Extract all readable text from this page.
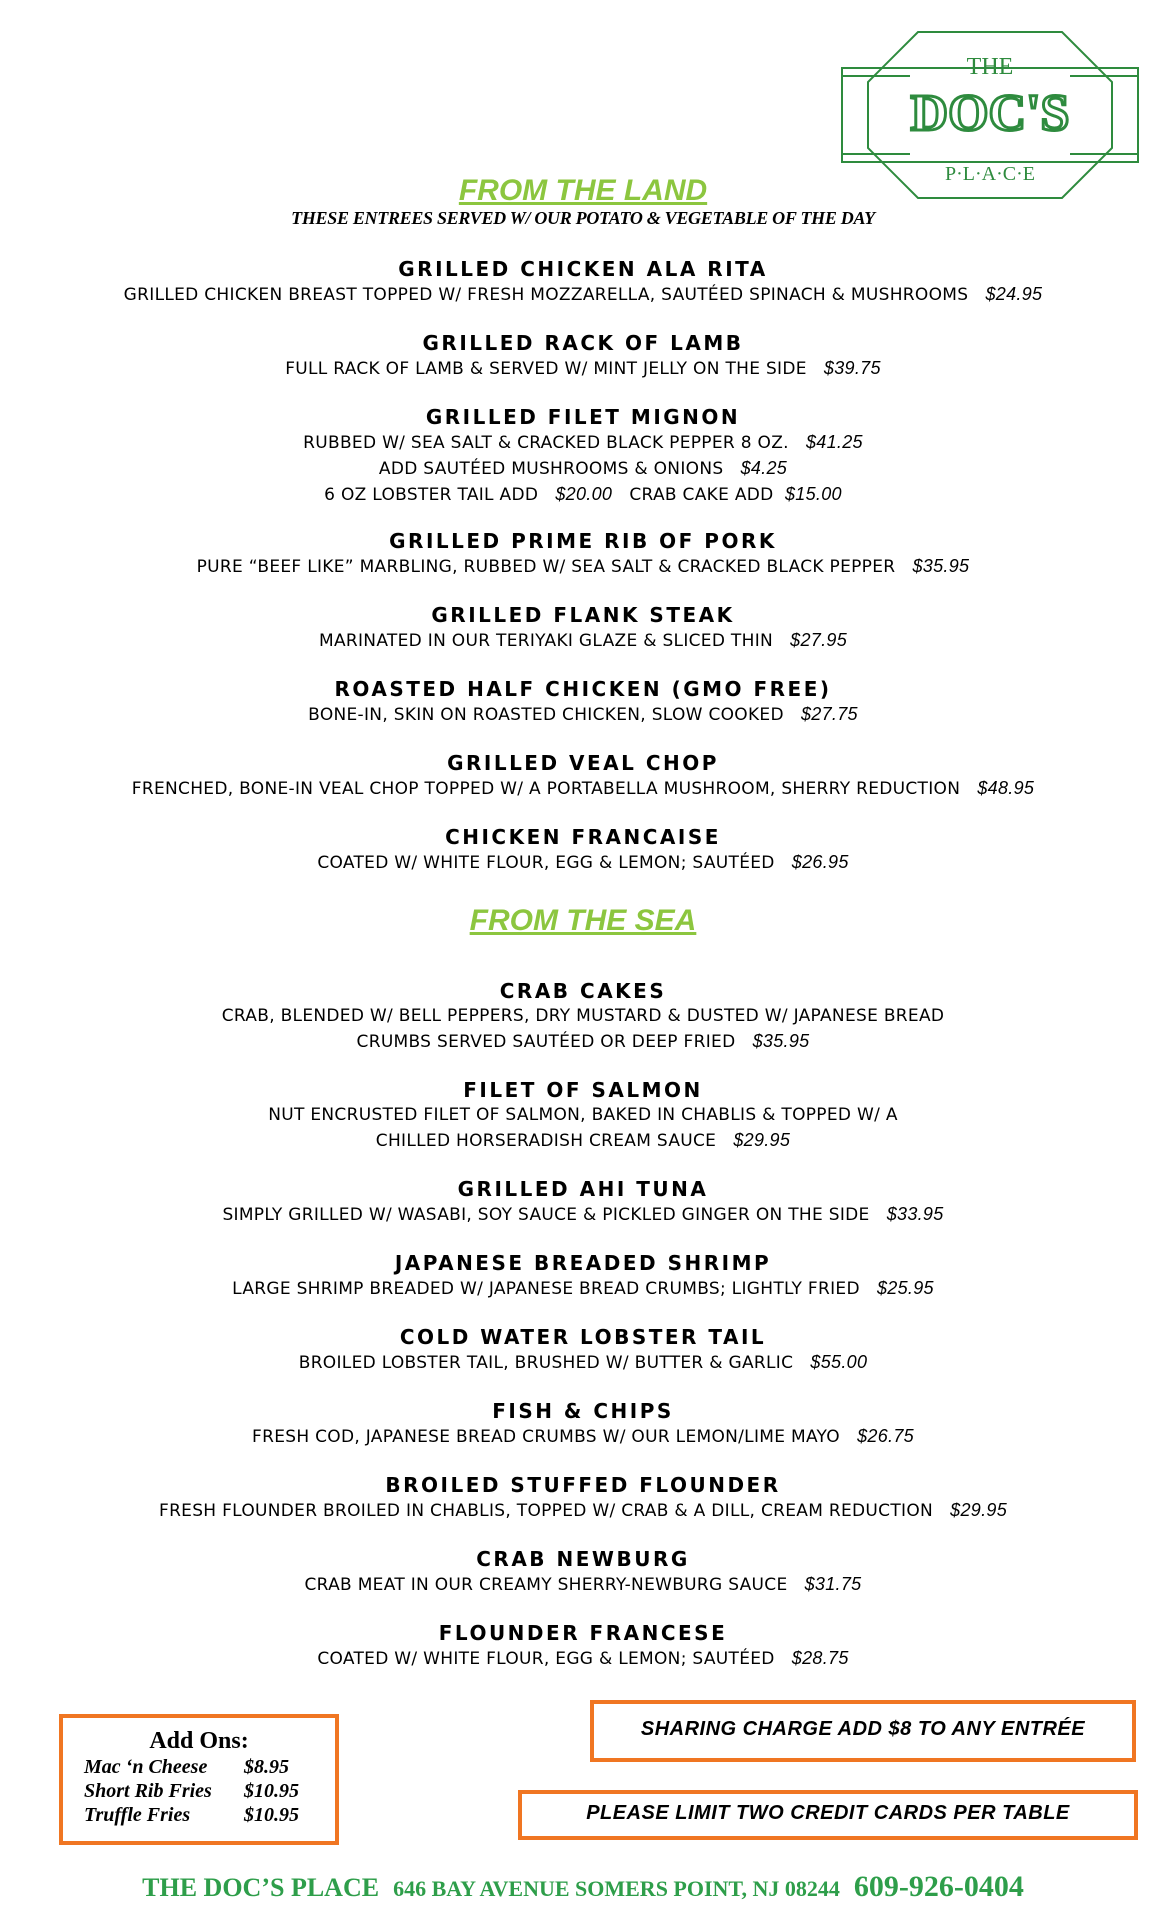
THE
DOC'S
P·L·A·C·E
FROM THE LAND
THESE ENTREES SERVED W/ OUR POTATO & VEGETABLE OF THE DAY
GRILLED CHICKEN ALA RITA
GRILLED CHICKEN BREAST TOPPED W/ FRESH MOZZARELLA, SAUTÉED SPINACH & MUSHROOMS $24.95
GRILLED RACK OF LAMB
FULL RACK OF LAMB & SERVED W/ MINT JELLY ON THE SIDE $39.75
GRILLED FILET MIGNON
RUBBED W/ SEA SALT & CRACKED BLACK PEPPER 8 OZ. $41.25
ADD SAUTÉED MUSHROOMS & ONIONS $4.25
6 OZ LOBSTER TAIL ADD $20.00 CRAB CAKE ADD $15.00
GRILLED PRIME RIB OF PORK
PURE “BEEF LIKE” MARBLING, RUBBED W/ SEA SALT & CRACKED BLACK PEPPER $35.95
GRILLED FLANK STEAK
MARINATED IN OUR TERIYAKI GLAZE & SLICED THIN $27.95
ROASTED HALF CHICKEN (GMO FREE)
BONE-IN, SKIN ON ROASTED CHICKEN, SLOW COOKED $27.75
GRILLED VEAL CHOP
FRENCHED, BONE-IN VEAL CHOP TOPPED W/ A PORTABELLA MUSHROOM, SHERRY REDUCTION $48.95
CHICKEN FRANCAISE
COATED W/ WHITE FLOUR, EGG & LEMON; SAUTÉED $26.95
FROM THE SEA
CRAB CAKES
CRAB, BLENDED W/ BELL PEPPERS, DRY MUSTARD & DUSTED W/ JAPANESE BREAD
CRUMBS SERVED SAUTÉED OR DEEP FRIED $35.95
FILET OF SALMON
NUT ENCRUSTED FILET OF SALMON, BAKED IN CHABLIS & TOPPED W/ A
CHILLED HORSERADISH CREAM SAUCE $29.95
GRILLED AHI TUNA
SIMPLY GRILLED W/ WASABI, SOY SAUCE & PICKLED GINGER ON THE SIDE $33.95
JAPANESE BREADED SHRIMP
LARGE SHRIMP BREADED W/ JAPANESE BREAD CRUMBS; LIGHTLY FRIED $25.95
COLD WATER LOBSTER TAIL
BROILED LOBSTER TAIL, BRUSHED W/ BUTTER & GARLIC $55.00
FISH & CHIPS
FRESH COD, JAPANESE BREAD CRUMBS W/ OUR LEMON/LIME MAYO $26.75
BROILED STUFFED FLOUNDER
FRESH FLOUNDER BROILED IN CHABLIS, TOPPED W/ CRAB & A DILL, CREAM REDUCTION $29.95
CRAB NEWBURG
CRAB MEAT IN OUR CREAMY SHERRY-NEWBURG SAUCE $31.75
FLOUNDER FRANCESE
COATED W/ WHITE FLOUR, EGG & LEMON; SAUTÉED $28.75
Add Ons:
Mac ‘n Cheese	$8.95
Short Rib Fries	$10.95
Truffle Fries	$10.95
SHARING CHARGE ADD $8 TO ANY ENTRÉE
PLEASE LIMIT TWO CREDIT CARDS PER TABLE
THE DOC’S PLACE 646 BAY AVENUE SOMERS POINT, NJ 08244 609-926-0404
